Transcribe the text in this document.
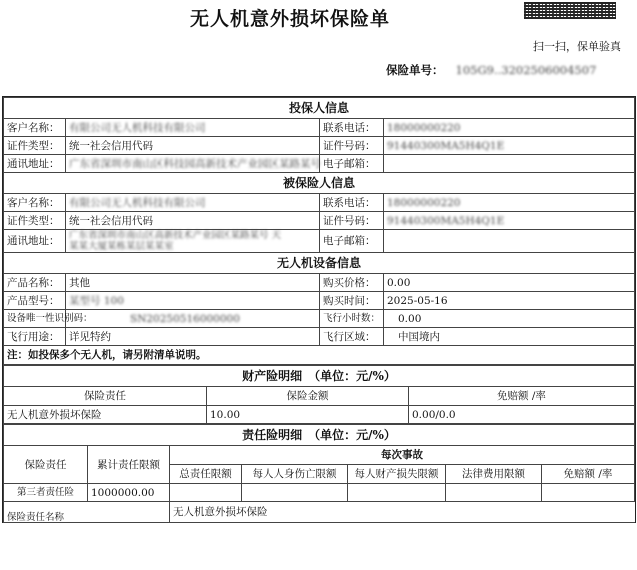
无人机意外损坏保险单
扫一扫，保单验真
保险单号： 105G9..3202506004507
投保人信息			
客户名称：	有限公司无人机科技有限公司	联系电话：	18000000220
证件类型：	统一社会信用代码	证件号码：	91440300MA5H4Q1E
通讯地址：	广东省深圳市南山区科技园高新技术产业园区某路某号	电子邮箱：	
被保险人信息			
客户名称：	有限公司无人机科技有限公司	联系电话：	18000000220
证件类型：	统一社会信用代码	证件号码：	91440300MA5H4Q1E
通讯地址：	广东省深圳市南山区高新技术产业园区某路某号 天
某某大厦某栋某层某某室	电子邮箱：	
无人机设备信息			
产品名称：	其他	购买价格：	0.00
产品型号：	某型号 100	购买时间：	2025-05-16
设备唯一性识别码：	SN20250516000000	飞行小时数：	0.00
飞行用途：	详见特约	飞行区域：	中国境内
注：如投保多个无人机，请另附清单说明。			
财产险明细　（单位：元/%）		
保险责任	保险金额	免赔额 /率
无人机意外损坏保险	10.00	0.00/0.0
责任险明细　（单位：元/%）						
保险责任	累计责任限额	每次事故				
		总责任限额	每人人身伤亡限额	每人财产损失限额	法律费用限额	免赔额 /率
第三者责任险	1000000.00					
保险责任名称		无人机意外损坏保险				
